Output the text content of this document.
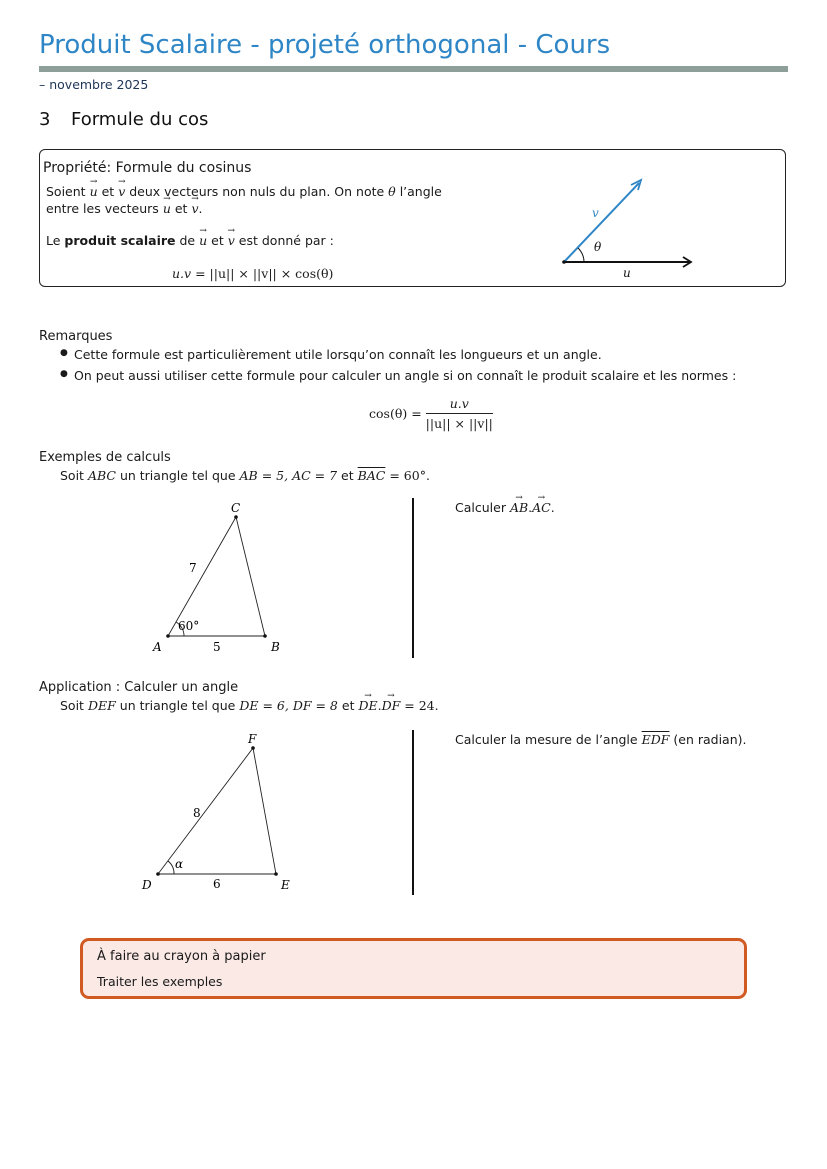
Produit Scalaire - projeté orthogonal - Cours
– novembre 2025
3 Formule du cos
Propriété: Formule du cosinus
Soient → u et → v deux vecteurs non nuls du plan. On note θ l’angle
entre les vecteurs → u et → v.
Le produit scalaire de → u et → v est donné par :
u.v = ||u|| × ||v|| × cos(θ)
v
θ
u
Remarques
● Cette formule est particulièrement utile lorsqu’on connaît les longueurs et un angle.
● On peut aussi utiliser cette formule pour calculer un angle si on connaît le produit scalaire et les normes :
$\cos(\theta) = \frac{u.v}{||u|| \times ||v||}$
Exemples de calculs
Soit ABC un triangle tel que AB = 5, AC = 7 et $\overline{BAC} = 60^\circ$.
A	B
C
5
7
60°
Calculer → AB.→ AC.
Application : Calculer un angle
Soit DEF un triangle tel que DE = 6, DF = 8 et → DE.→ DF = 24.
D	E
F
6
8
α
Calculer la mesure de l’angle $\overline{EDF}$ (en radian).
À faire au crayon à papier
Traiter les exemples
